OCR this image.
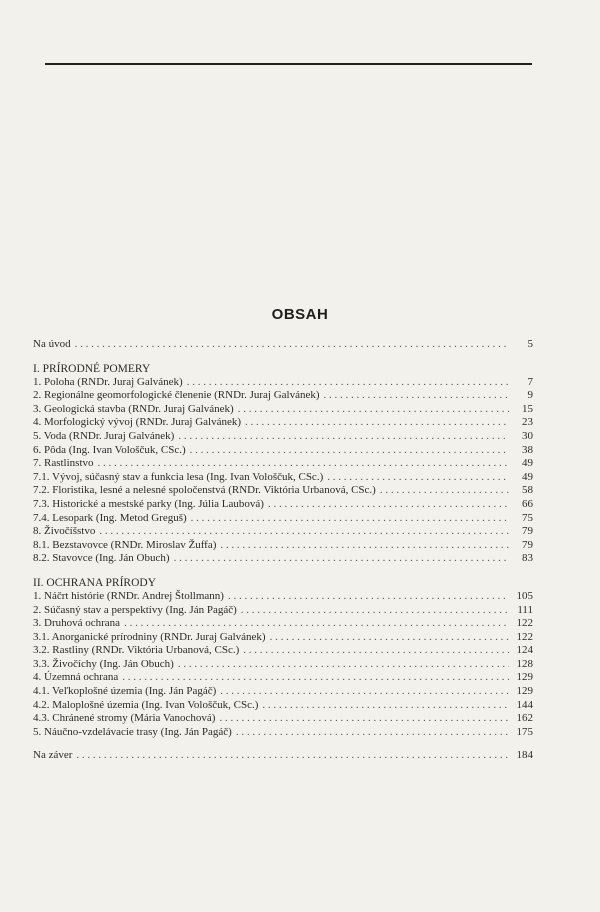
OBSAH
Na úvod . . .	5
I. PRÍRODNÉ POMERY
1. Poloha (RNDr. Juraj Galvánek) . . .	7
2. Regionálne geomorfologické členenie (RNDr. Juraj Galvánek) . . .	9
3. Geologická stavba (RNDr. Juraj Galvánek) . . .	15
4. Morfologický vývoj (RNDr. Juraj Galvánek) . . .	23
5. Voda (RNDr. Juraj Galvánek) . . .	30
6. Pôda (Ing. Ivan Vološčuk, CSc.) . . .	38
7. Rastlinstvo . . .	49
7.1. Vývoj, súčasný stav a funkcia lesa (Ing. Ivan Vološčuk, CSc.) . . .	49
7.2. Floristika, lesné a nelesné spoločenstvá (RNDr. Viktória Urbanová, CSc.) . . .	58
7.3. Historické a mestské parky (Ing. Júlia Laubová) . . .	66
7.4. Lesopark (Ing. Metod Greguš) . . .	75
8. Živočíšstvo . . .	79
8.1. Bezstavovce (RNDr. Miroslav Žuffa) . . .	79
8.2. Stavovce (Ing. Ján Obuch) . . .	83
II. OCHRANA PRÍRODY
1. Náčrt histórie (RNDr. Andrej Štollmann) . . .	105
2. Súčasný stav a perspektívy (Ing. Ján Pagáč) . . .	111
3. Druhová ochrana . . .	122
3.1. Anorganické prírodniny (RNDr. Juraj Galvánek) . . .	122
3.2. Rastliny (RNDr. Viktória Urbanová, CSc.) . . .	124
3.3. Živočíchy (Ing. Ján Obuch) . . .	128
4. Územná ochrana . . .	129
4.1. Veľkoplošné územia (Ing. Ján Pagáč) . . .	129
4.2. Maloplošné územia (Ing. Ivan Vološčuk, CSc.) . . .	144
4.3. Chránené stromy (Mária Vanochová) . . .	162
5. Náučno-vzdelávacie trasy (Ing. Ján Pagáč) . . .	175
Na záver . . .	184
